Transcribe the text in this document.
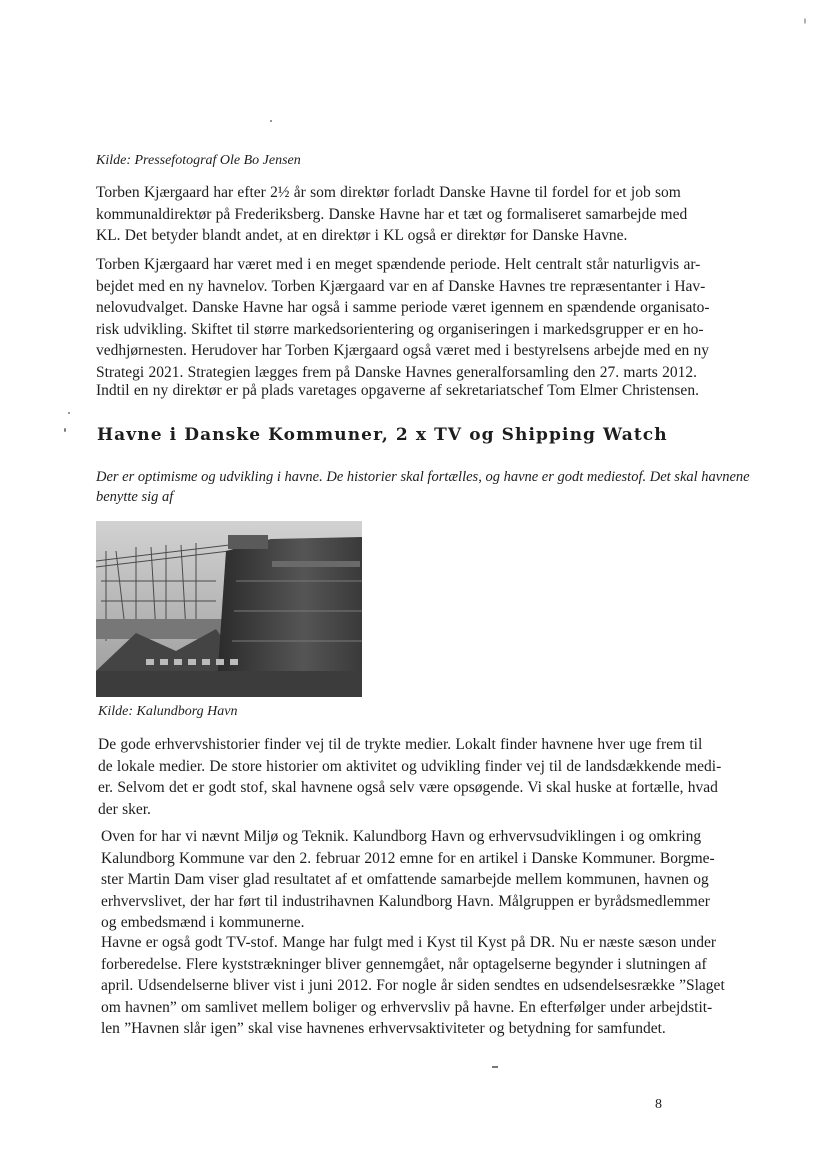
Kilde: Pressefotograf Ole Bo Jensen

Torben Kjærgaard har efter 2½ år som direktør forladt Danske Havne til fordel for et job som
kommunaldirektør på Frederiksberg. Danske Havne har et tæt og formaliseret samarbejde med
KL. Det betyder blandt andet, at en direktør i KL også er direktør for Danske Havne.
Torben Kjærgaard har været med i en meget spændende periode. Helt centralt står naturligvis ar-
bejdet med en ny havnelov. Torben Kjærgaard var en af Danske Havnes tre repræsentanter i Hav-
nelovudvalget. Danske Havne har også i samme periode været igennem en spændende organisato-
risk udvikling. Skiftet til større markedsorientering og organiseringen i markedsgrupper er en ho-
vedhjørnesten. Herudover har Torben Kjærgaard også været med i bestyrelsens arbejde med en ny
Strategi 2021. Strategien lægges frem på Danske Havnes generalforsamling den 27. marts 2012.
Indtil en ny direktør er på plads varetages opgaverne af sekretariatschef Tom Elmer Christensen.
Havne i Danske Kommuner, 2 x TV og Shipping Watch
Der er optimisme og udvikling i havne. De historier skal fortælles, og havne er godt mediestof. Det skal havnene
benytte sig af

Kilde: Kalundborg Havn

De gode erhvervshistorier finder vej til de trykte medier. Lokalt finder havnene hver uge frem til
de lokale medier. De store historier om aktivitet og udvikling finder vej til de landsdækkende medi-
er. Selvom det er godt stof, skal havnene også selv være opsøgende. Vi skal huske at fortælle, hvad
der sker.
Oven for har vi nævnt Miljø og Teknik. Kalundborg Havn og erhvervsudviklingen i og omkring
Kalundborg Kommune var den 2. februar 2012 emne for en artikel i Danske Kommuner. Borgme-
ster Martin Dam viser glad resultatet af et omfattende samarbejde mellem kommunen, havnen og
erhvervslivet, der har ført til industrihavnen Kalundborg Havn. Målgruppen er byrådsmedlemmer
og embedsmænd i kommunerne.
Havne er også godt TV-stof. Mange har fulgt med i Kyst til Kyst på DR. Nu er næste sæson under
forberedelse. Flere kyststrækninger bliver gennemgået, når optagelserne begynder i slutningen af
april. Udsendelserne bliver vist i juni 2012. For nogle år siden sendtes en udsendelsesrække ”Slaget
om havnen” om samlivet mellem boliger og erhvervsliv på havne. En efterfølger under arbejdstit-
len ”Havnen slår igen” skal vise havnenes erhvervsaktiviteter og betydning for samfundet.
8
